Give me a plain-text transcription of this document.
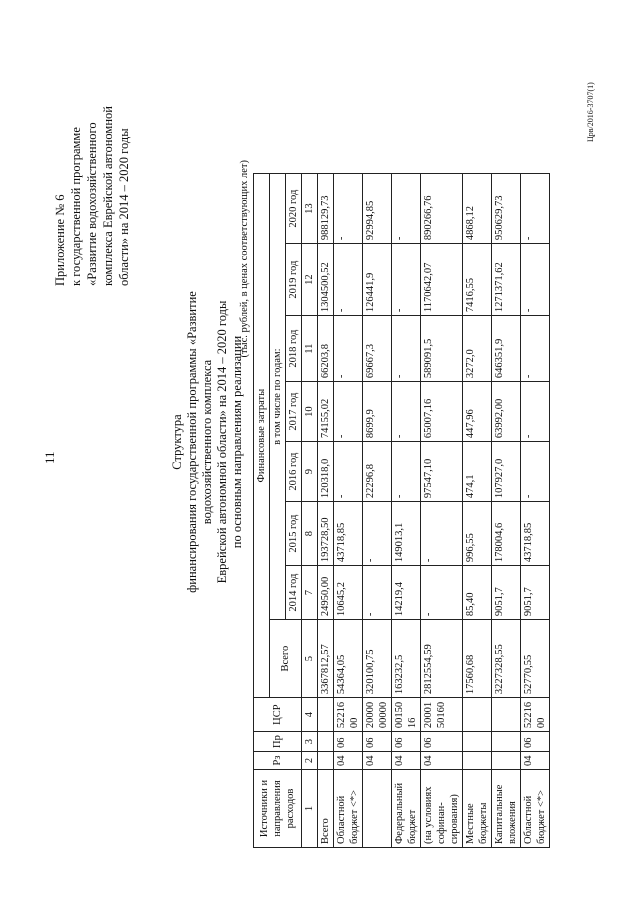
11
Приложение № 6 к государственной программе «Развитие водохозяйственного комплекса Еврейской автономной области» на 2014 – 2020 годы
Структура финансирования государственной программы «Развитие водохозяйственного комплекса Еврейской автономной области» на 2014 – 2020 годы по основным направлениям реализации
(тыс. рублей, в ценах соответствующих лет)
Источники и направления расходов	Рз	Пр	ЦСР	Финансовые затраты							
				Всего	в том числе по годам:						
					2014 год	2015 год	2016 год	2017 год	2018 год	2019 год	2020 год
1	2	3	4	5	7	8	9	10	11	12	13
Всего				3367812,57	24950,00	193728,50	120318,0	74155,02	66203,8	1304500,52	988129,73
Областной бюджет <*>	04	06	52216 00	54364,05	10645,2	43718,85	-	-	-	-	-
	04	06	20000 00000	320100,75	-	-	22296,8	8699,9	69667,3	126441,9	92994,85
Федеральный бюджет	04	06	00150 16	163232,5	14219,4	149013,1	-	-	-	-	-
(на условиях софинан-сирования)	04	06	20001 50160	2812554,59	-	-	97547,10	65007,16	589091,5	1170642,07	890266,76
Местные бюджеты				17560,68	85,40	996,55	474,1	447,96	3272,0	7416,55	4868,12
Капитальные вложения				3227328,55	9051,7	178004,6	107927,0	63992,00	646351,9	1271371,62	950629,73
Областной бюджет <*>	04	06	52216 00	52770,55	9051,7	43718,85	-	-	-	-	-
Црв/2016-3707(1)
